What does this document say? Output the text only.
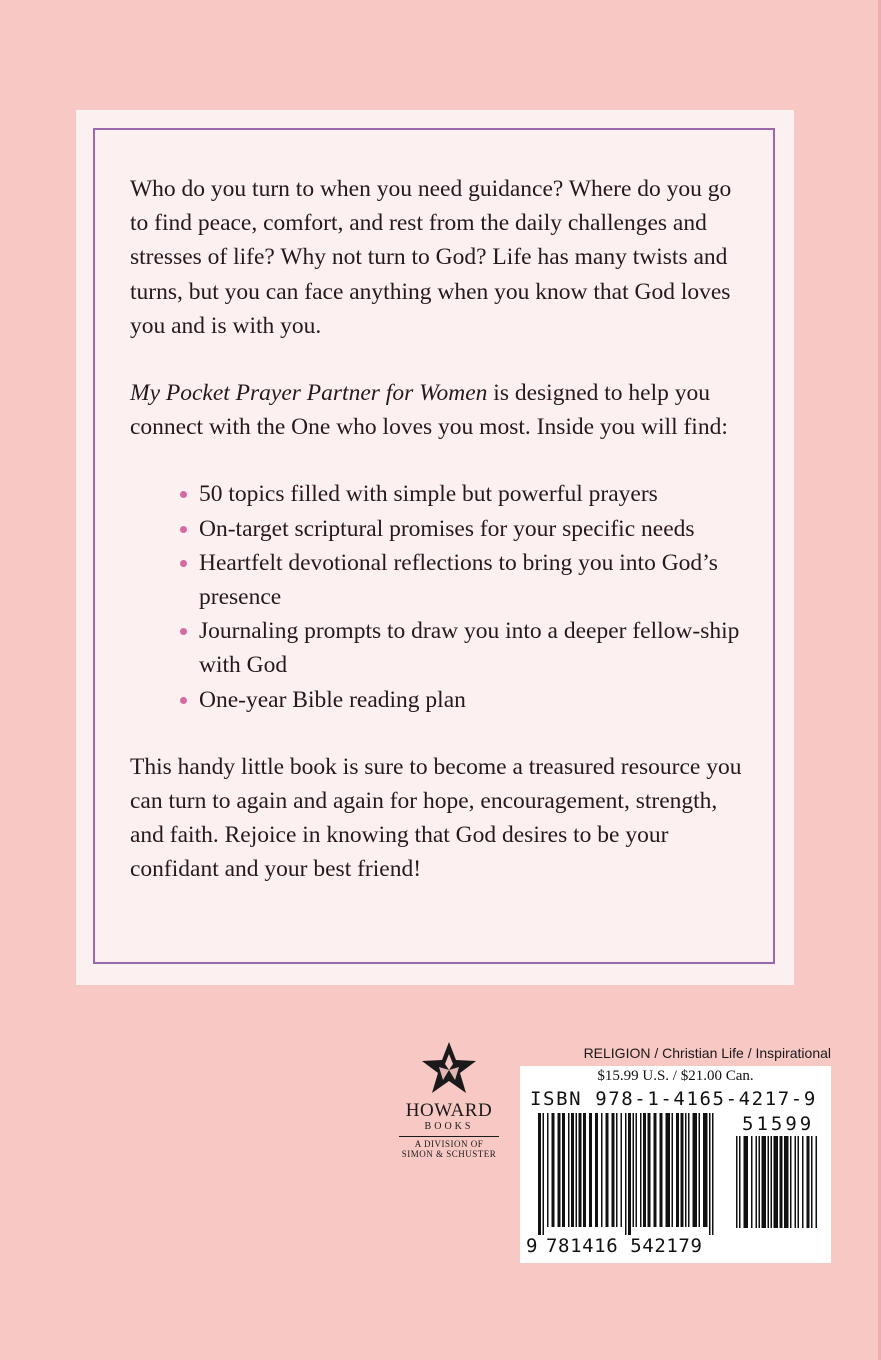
Who do you turn to when you need guidance? Where do you go to find peace, comfort, and rest from the daily challenges and stresses of life? Why not turn to God? Life has many twists and turns, but you can face anything when you know that God loves you and is with you.

My Pocket Prayer Partner for Women is designed to help you connect with the One who loves you most. Inside you will find:

50 topics filled with simple but powerful prayers
On-target scriptural promises for your specific needs
Heartfelt devotional reflections to bring you into God’s presence
Journaling prompts to draw you into a deeper fellow-ship with God
One-year Bible reading plan

This handy little book is sure to become a treasured resource you can turn to again and again for hope, encouragement, strength, and faith. Rejoice in knowing that God desires to be your confidant and your best friend!

HOWARD
BOOKS
A DIVISION OF
SIMON & SCHUSTER
RELIGION / Christian Life / Inspirational
$15.99 U.S. / $21.00 Can.
ISBN 978-1-4165-4217-9
51599
9 781416 542179
